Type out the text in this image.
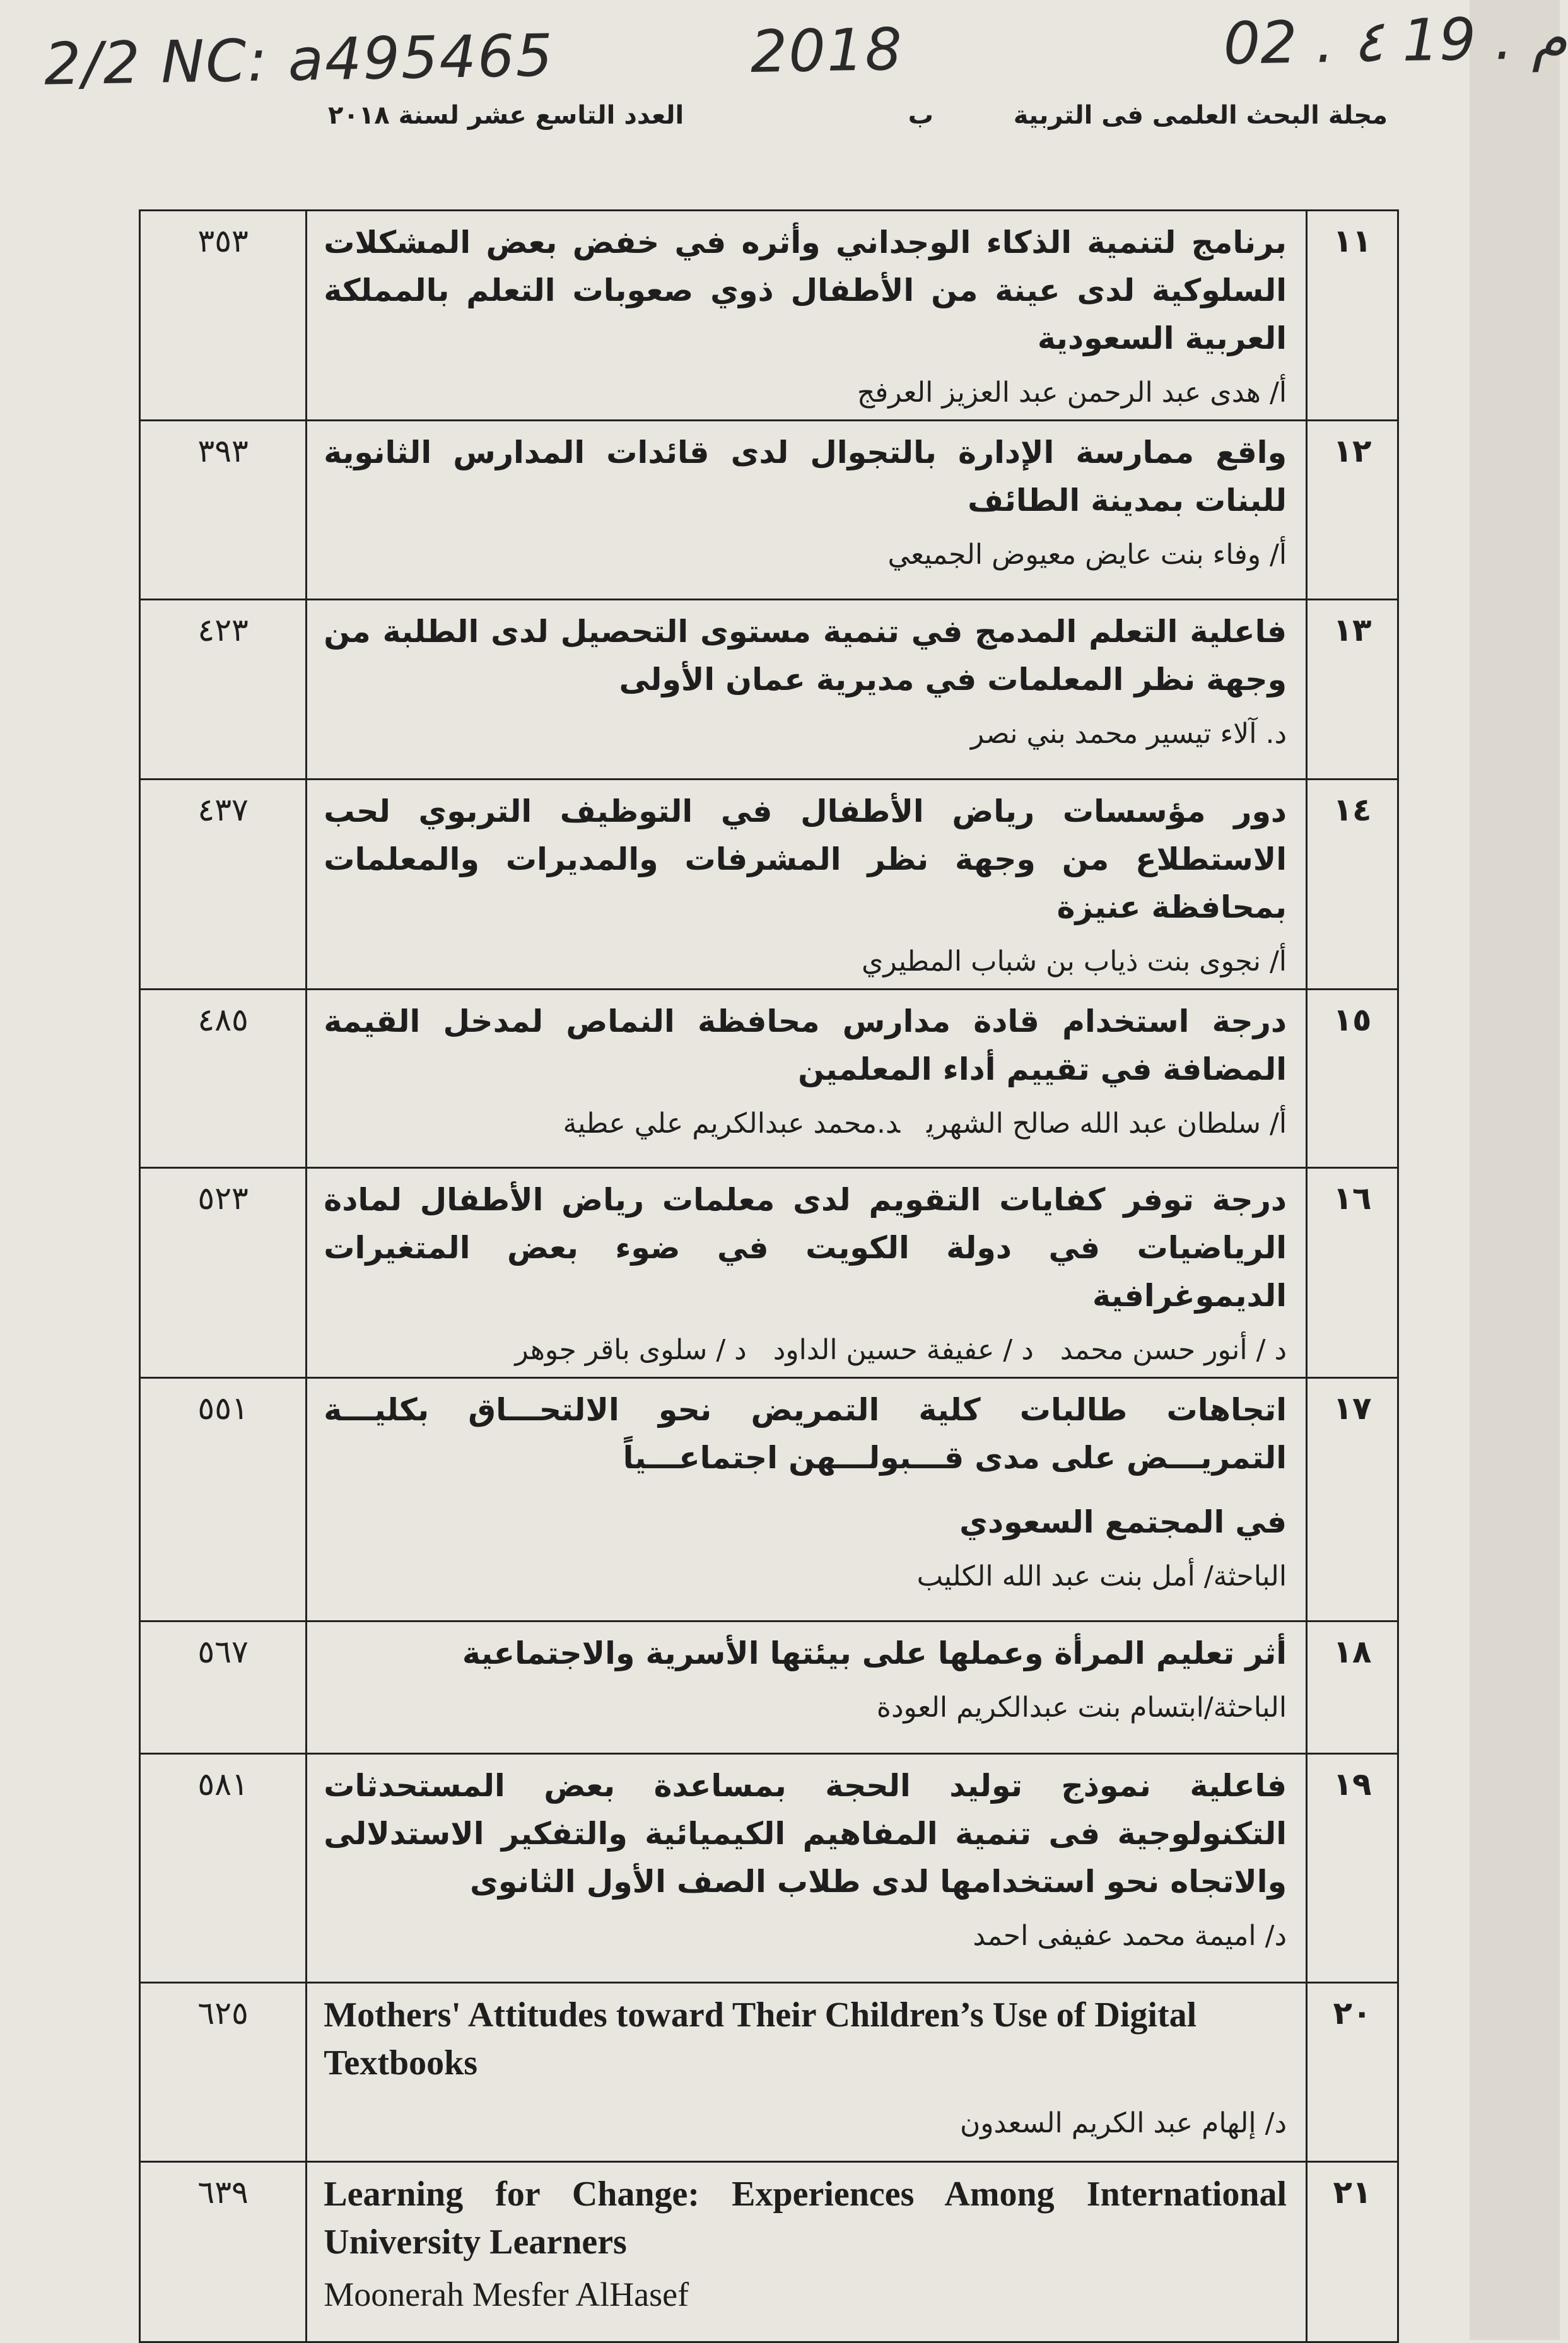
2/2 NC: a495465	2018	02 . ٤ 19 . م
مجلة البحث العلمى فى التربية
ب
العدد التاسع عشر لسنة ٢٠١٨
١١	برنامج لتنمية الذكاء الوجداني وأثره في خفض بعض المشكلات السلوكية لدى عينة من الأطفال ذوي صعوبات التعلم بالمملكة العربية السعودية

أ/ هدى عبد الرحمن عبد العزيز العرفج	٣٥٣
١٢	واقع ممارسة الإدارة بالتجوال لدى قائدات المدارس الثانوية للبنات بمدينة الطائف

أ/ وفاء بنت عايض معيوض الجميعي	٣٩٣
١٣	فاعلية التعلم المدمج في تنمية مستوى التحصيل لدى الطلبة من وجهة نظر المعلمات في مديرية عمان الأولى

د. آلاء تيسير محمد بني نصر	٤٢٣
١٤	دور مؤسسات رياض الأطفال في التوظيف التربوي لحب الاستطلاع من وجهة نظر المشرفات والمديرات والمعلمات بمحافظة عنيزة

أ/ نجوى بنت ذياب بن شباب المطيري	٤٣٧
١٥	درجة استخدام قادة مدارس محافظة النماص لمدخل القيمة المضافة في تقييم أداء المعلمين

أ/ سلطان عبد الله صالح الشهريد.محمد عبدالكريم علي عطية	٤٨٥
١٦	درجة توفر كفايات التقويم لدى معلمات رياض الأطفال لمادة الرياضيات في دولة الكويت في ضوء بعض المتغيرات الديموغرافية

د / أنور حسن محمدد / عفيفة حسين الداودد / سلوى باقر جوهر	٥٢٣
١٧	اتجاهات طالبات كلية التمريض نحو الالتحـــاق بكليـــة التمريـــض على مدى قـــبولـــهن اجتماعـــياً

في المجتمع السعودي

الباحثة/ أمل بنت عبد الله الكليب	٥٥١
١٨	أثر تعليم المرأة وعملها على بيئتها الأسرية والاجتماعية

الباحثة/ابتسام بنت عبدالكريم العودة	٥٦٧
١٩	فاعلية نموذج توليد الحجة بمساعدة بعض المستحدثات التكنولوجية فى تنمية المفاهيم الكيميائية والتفكير الاستدلالى والاتجاه نحو استخدامها لدى طلاب الصف الأول الثانوى

د/ اميمة محمد عفيفى احمد	٥٨١
٢٠	Mothers' Attitudes toward Their Children’s Use of Digital Textbooks

د/ إلهام عبد الكريم السعدون	٦٢٥
٢١	Learning for Change: Experiences Among International University Learners

Moonerah Mesfer AlHasef	٦٣٩
